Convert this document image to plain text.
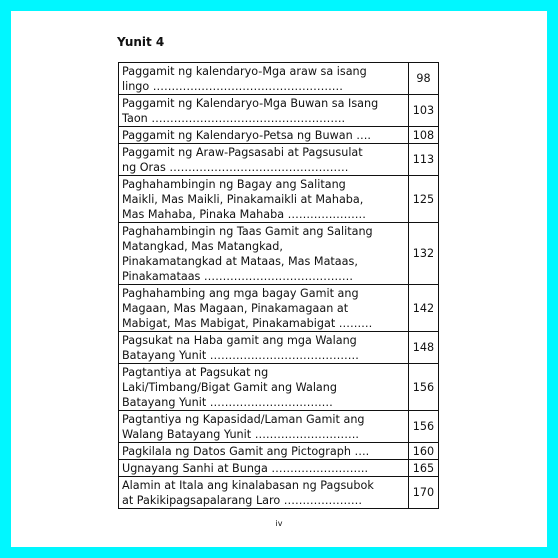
Yunit 4
Paggamit ng kalendaryo-Mga araw sa isang
lingo ……………………………………………	98
Paggamit ng Kalendaryo-Mga Buwan sa Isang
Taon …………………………………………….	103
Paggamit ng Kalendaryo-Petsa ng Buwan ….	108
Paggamit ng Araw-Pagsasabi at Pagsusulat
ng Oras …………………………………………	113
Paghahambingin ng Bagay ang Salitang
Maikli, Mas Maikli, Pinakamaikli at Mahaba,
Mas Mahaba, Pinaka Mahaba …………………	125
Paghahambingin ng Taas Gamit ang Salitang
Matangkad, Mas Matangkad,
Pinakamatangkad at Mataas, Mas Mataas,
Pinakamataas ………………………………….	132
Paghahambing ang mga bagay Gamit ang
Magaan, Mas Magaan, Pinakamagaan at
Mabigat, Mas Mabigat, Pinakamabigat ………	142
Pagsukat na Haba gamit ang mga Walang
Batayang Yunit ………………………………….	148
Pagtantiya at Pagsukat ng
Laki/Timbang/Bigat Gamit ang Walang
Batayang Yunit ……………………………	156
Pagtantiya ng Kapasidad/Laman Gamit ang
Walang Batayang Yunit ……………………….	156
Pagkilala ng Datos Gamit ang Pictograph ….	160
Ugnayang Sanhi at Bunga ……………………..	165
Alamin at Itala ang kinalabasan ng Pagsubok
at Pakikipagsapalarang Laro …………………	170
iv
